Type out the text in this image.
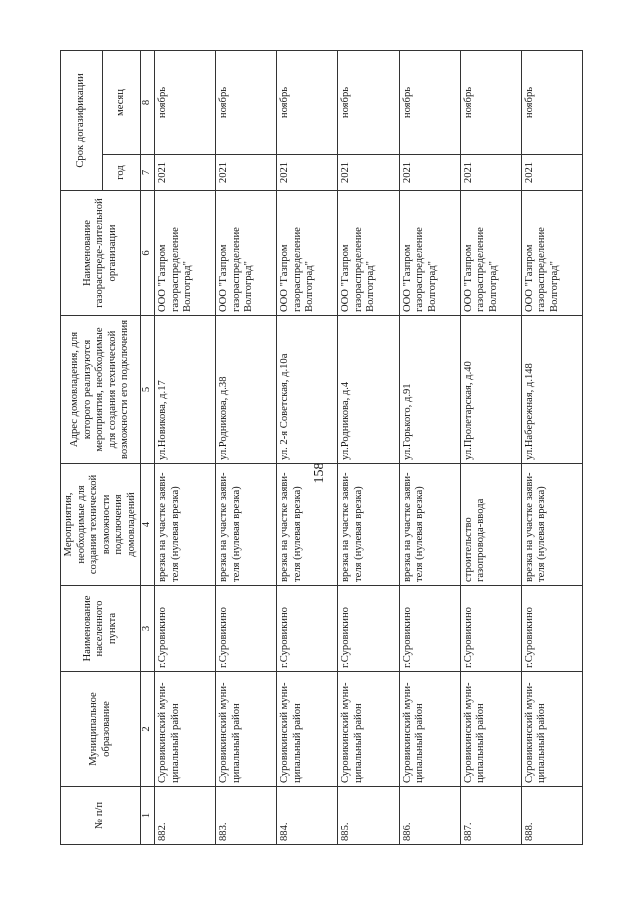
158
№ п/п	Муниципальное образование	Наименование населенного пункта	Мероприятия, необходимые для создания технической возможности подключения домовладений	Адрес домовладения, для которого реализуются мероприятия, необходимые для создания технической возможности его подключения	Наименование газораспреде-лительной организации	Срок догазификации	
						год	месяц
1	2	3	4	5	6	7	8
882.	Суровикинский муни-ципальный район	г.Суровикино	врезка на участке заяви-теля (нулевая врезка)	ул.Новикова, д.17	ООО "Газпром газораспределение Волгоград"	2021	ноябрь
883.	Суровикинский муни-ципальный район	г.Суровикино	врезка на участке заяви-теля (нулевая врезка)	ул.Родникова, д.38	ООО "Газпром газораспределение Волгоград"	2021	ноябрь
884.	Суровикинский муни-ципальный район	г.Суровикино	врезка на участке заяви-теля (нулевая врезка)	ул. 2-я Советская, д.10а	ООО "Газпром газораспределение Волгоград"	2021	ноябрь
885.	Суровикинский муни-ципальный район	г.Суровикино	врезка на участке заяви-теля (нулевая врезка)	ул.Родникова, д.4	ООО "Газпром газораспределение Волгоград"	2021	ноябрь
886.	Суровикинский муни-ципальный район	г.Суровикино	врезка на участке заяви-теля (нулевая врезка)	ул.Горького, д.91	ООО "Газпром газораспределение Волгоград"	2021	ноябрь
887.	Суровикинский муни-ципальный район	г.Суровикино	строительство газопровода-ввода	ул.Пролетарская, д.40	ООО "Газпром газораспределение Волгоград"	2021	ноябрь
888.	Суровикинский муни-ципальный район	г.Суровикино	врезка на участке заяви-теля (нулевая врезка)	ул.Набережная, д.148	ООО "Газпром газораспределение Волгоград"	2021	ноябрь
